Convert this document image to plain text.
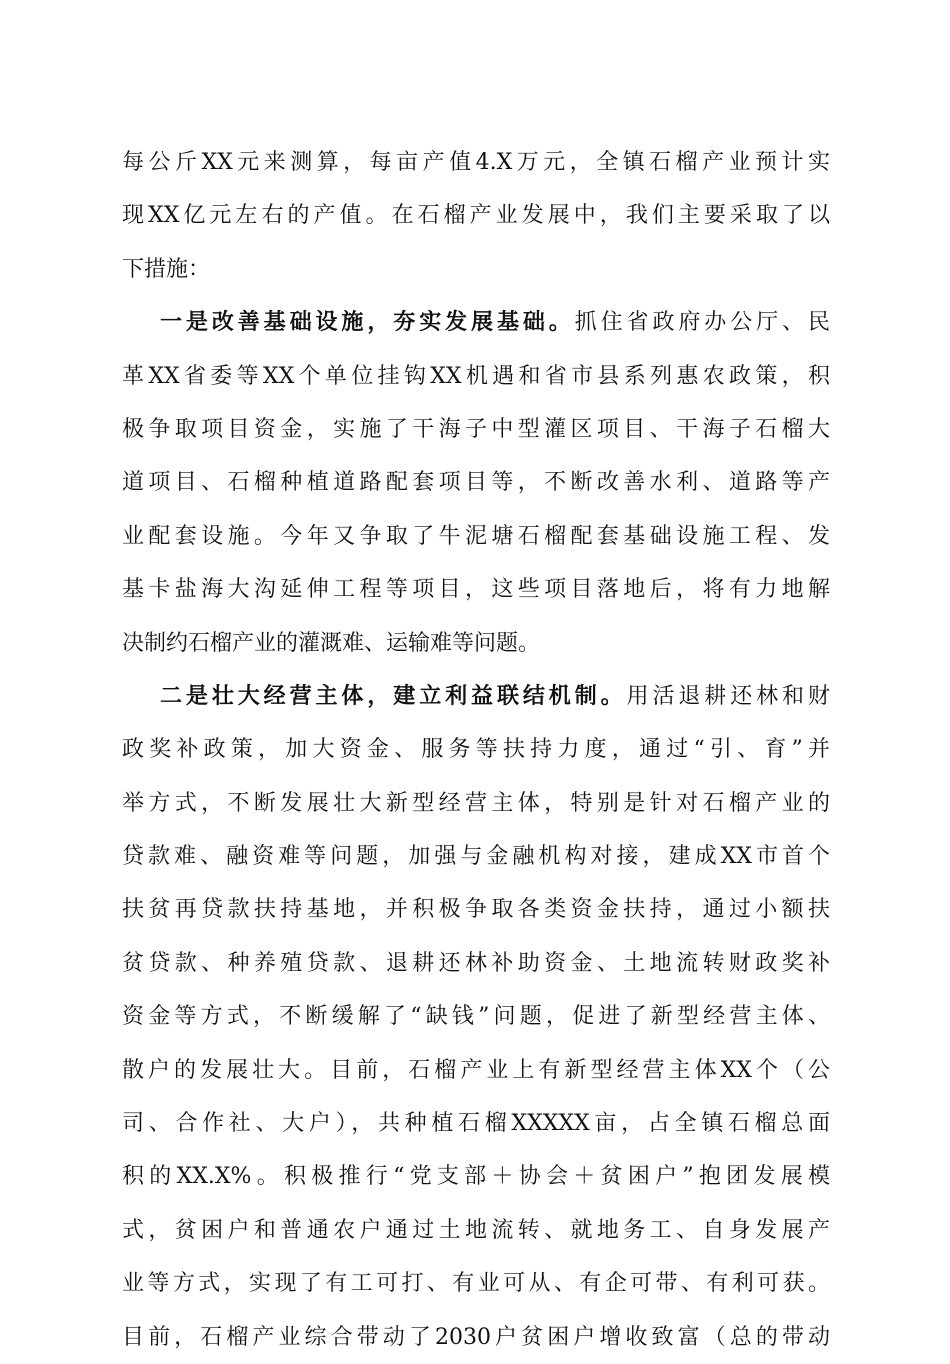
每公斤XX元来测算，每亩产值4.X万元，全镇石榴产业预计实
现XX亿元左右的产值。在石榴产业发展中，我们主要采取了以
下措施：
一是改善基础设施，夯实发展基础。抓住省政府办公厅、民
革XX省委等XX个单位挂钩XX机遇和省市县系列惠农政策，积
极争取项目资金，实施了干海子中型灌区项目、干海子石榴大
道项目、石榴种植道路配套项目等，不断改善水利、道路等产
业配套设施。今年又争取了牛泥塘石榴配套基础设施工程、发
基卡盐海大沟延伸工程等项目，这些项目落地后，将有力地解
决制约石榴产业的灌溉难、运输难等问题。
二是壮大经营主体，建立利益联结机制。用活退耕还林和财
政奖补政策，加大资金、服务等扶持力度，通过“引、育”并
举方式，不断发展壮大新型经营主体，特别是针对石榴产业的
贷款难、融资难等问题，加强与金融机构对接，建成XX市首个
扶贫再贷款扶持基地，并积极争取各类资金扶持，通过小额扶
贫贷款、种养殖贷款、退耕还林补助资金、土地流转财政奖补
资金等方式，不断缓解了“缺钱”问题，促进了新型经营主体、
散户的发展壮大。目前，石榴产业上有新型经营主体XX个（公
司、合作社、大户），共种植石榴XXXXX亩，占全镇石榴总面
积的XX.X%。积极推行“党支部＋协会＋贫困户”抱团发展模
式，贫困户和普通农户通过土地流转、就地务工、自身发展产
业等方式，实现了有工可打、有业可从、有企可带、有利可获。
目前，石榴产业综合带动了2030户贫困户增收致富（总的带动
